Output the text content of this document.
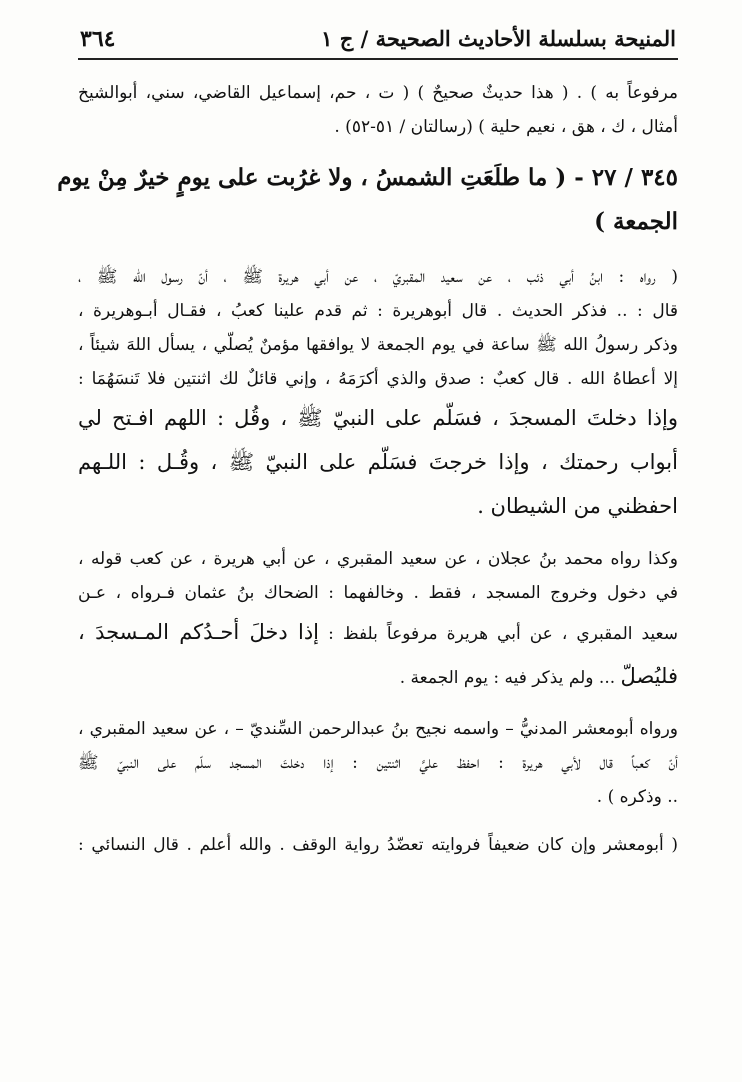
المنيحة بسلسلة الأحاديث الصحيحة / ج ١
٣٦٤
مرفوعاً به ) . ( هذا حديثٌ صحيحٌ ) ( ت ، حم، إسماعيل القاضي، سني، أبوالشيخ
أمثال ، ك ، هق ، نعيم حلية ) (رسالتان / ٥١-٥٢) .
٣٤٥ / ٢٧ - ( ما طلَعَتِ الشمسُ ، ولا غرُبت على يومٍ خيرٌ مِنْ يوم
الجمعة )
( رواه : ابنُ أبي ذئب ، عن سعيد المقبريّ ، عن أبي هريرة ﷺ ، أنّ رسول الله ﷺ ،
قال : .. فذكر الحديث . قال أبوهريرة : ثم قدم علينا كعبُ ، فقـال أبـوهريرة ،
وذكر رسولُ الله ﷺ ساعة في يوم الجمعة لا يوافقها مؤمنٌ يُصلّي ، يسأل اللهَ شيئاً ،
إلا أعطاهُ الله . قال كعبٌ : صدق والذي أكرَمَهُ ، وإني قائلٌ لك اثنتين فلا تَنسَهُمَا :
وإذا دخلتَ المسجدَ ، فسَلّم على النبيّ ﷺ ، وقُل : اللهم افـتح لي
أبواب رحمتك ، وإذا خرجتَ فسَلّم على النبيّ ﷺ ، وقُـل : اللـهم
احفظني من الشيطان .
وكذا رواه محمد بنُ عجلان ، عن سعيد المقبري ، عن أبي هريرة ، عن كعب قوله ،
في دخول وخروج المسجد ، فقط . وخالفهما : الضحاك بنُ عثمان فـرواه ، عـن
سعيد المقبري ، عن أبي هريرة مرفوعاً بلفظ : إذا دخلَ أحـدُكم المـسجدَ ،
فليُصلّ ... ولم يذكر فيه : يوم الجمعة .
ورواه أبومعشر المدنيُّ – واسمه نجيح بنُ عبدالرحمن السِّنديّ – ، عن سعيد المقبري ،
أنّ كعباً قال لأبي هريرة : احفظ عليَّ اثنتين : إذا دخلتَ المسجد سلّم على النبيّ ﷺ
.. وذكره ) .
( أبومعشر وإن كان ضعيفاً فروايته تعضّدُ رواية الوقف . والله أعلم . قال النسائي :
